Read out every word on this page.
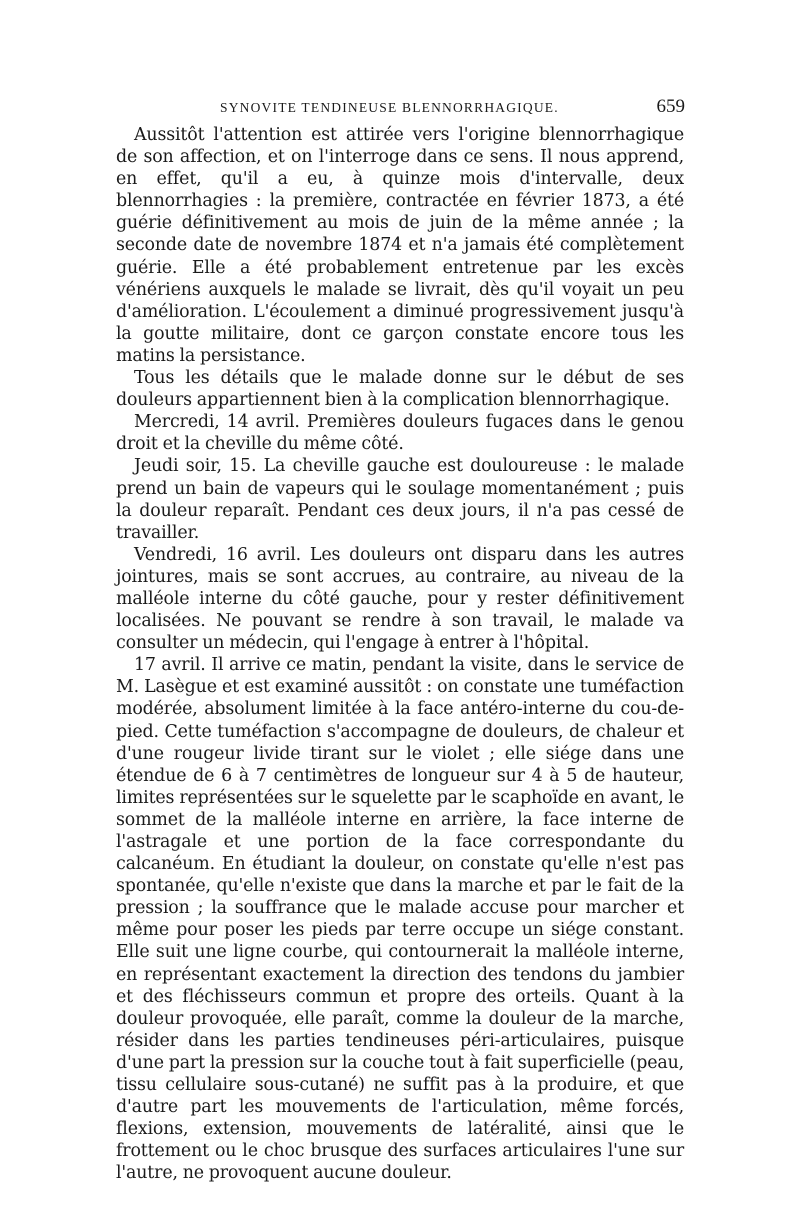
SYNOVITE TENDINEUSE BLENNORRHAGIQUE.	659

Aussitôt l'attention est attirée vers l'origine blennorrhagique de son affection, et on l'interroge dans ce sens. Il nous apprend, en effet, qu'il a eu, à quinze mois d'intervalle, deux blennorrhagies : la première, contractée en février 1873, a été guérie définitivement au mois de juin de la même année ; la seconde date de novembre 1874 et n'a jamais été complètement guérie. Elle a été probablement entretenue par les excès vénériens auxquels le malade se livrait, dès qu'il voyait un peu d'amélioration. L'écoulement a diminué progressivement jusqu'à la goutte militaire, dont ce garçon constate encore tous les matins la persistance.

Tous les détails que le malade donne sur le début de ses douleurs appartiennent bien à la complication blennorrhagique.

Mercredi, 14 avril. Premières douleurs fugaces dans le genou droit et la cheville du même côté.

Jeudi soir, 15. La cheville gauche est douloureuse : le malade prend un bain de vapeurs qui le soulage momentanément ; puis la douleur reparaît. Pendant ces deux jours, il n'a pas cessé de travailler.

Vendredi, 16 avril. Les douleurs ont disparu dans les autres jointures, mais se sont accrues, au contraire, au niveau de la malléole interne du côté gauche, pour y rester définitivement localisées. Ne pouvant se rendre à son travail, le malade va consulter un médecin, qui l'engage à entrer à l'hôpital.

17 avril. Il arrive ce matin, pendant la visite, dans le service de M. Lasègue et est examiné aussitôt : on constate une tuméfaction modérée, absolument limitée à la face antéro-interne du cou-de-pied. Cette tuméfaction s'accompagne de douleurs, de chaleur et d'une rougeur livide tirant sur le violet ; elle siége dans une étendue de 6 à 7 centimètres de longueur sur 4 à 5 de hauteur, limites représentées sur le squelette par le scaphoïde en avant, le sommet de la malléole interne en arrière, la face interne de l'astragale et une portion de la face correspondante du calcanéum. En étudiant la douleur, on constate qu'elle n'est pas spontanée, qu'elle n'existe que dans la marche et par le fait de la pression ; la souffrance que le malade accuse pour marcher et même pour poser les pieds par terre occupe un siége constant. Elle suit une ligne courbe, qui contournerait la malléole interne, en représentant exactement la direction des tendons du jambier et des fléchisseurs commun et propre des orteils. Quant à la douleur provoquée, elle paraît, comme la douleur de la marche, résider dans les parties tendineuses péri-articulaires, puisque d'une part la pression sur la couche tout à fait superficielle (peau, tissu cellulaire sous-cutané) ne suffit pas à la produire, et que d'autre part les mouvements de l'articulation, même forcés, flexions, extension, mouvements de latéralité, ainsi que le frottement ou le choc brusque des surfaces articulaires l'une sur l'autre, ne provoquent aucune douleur.
